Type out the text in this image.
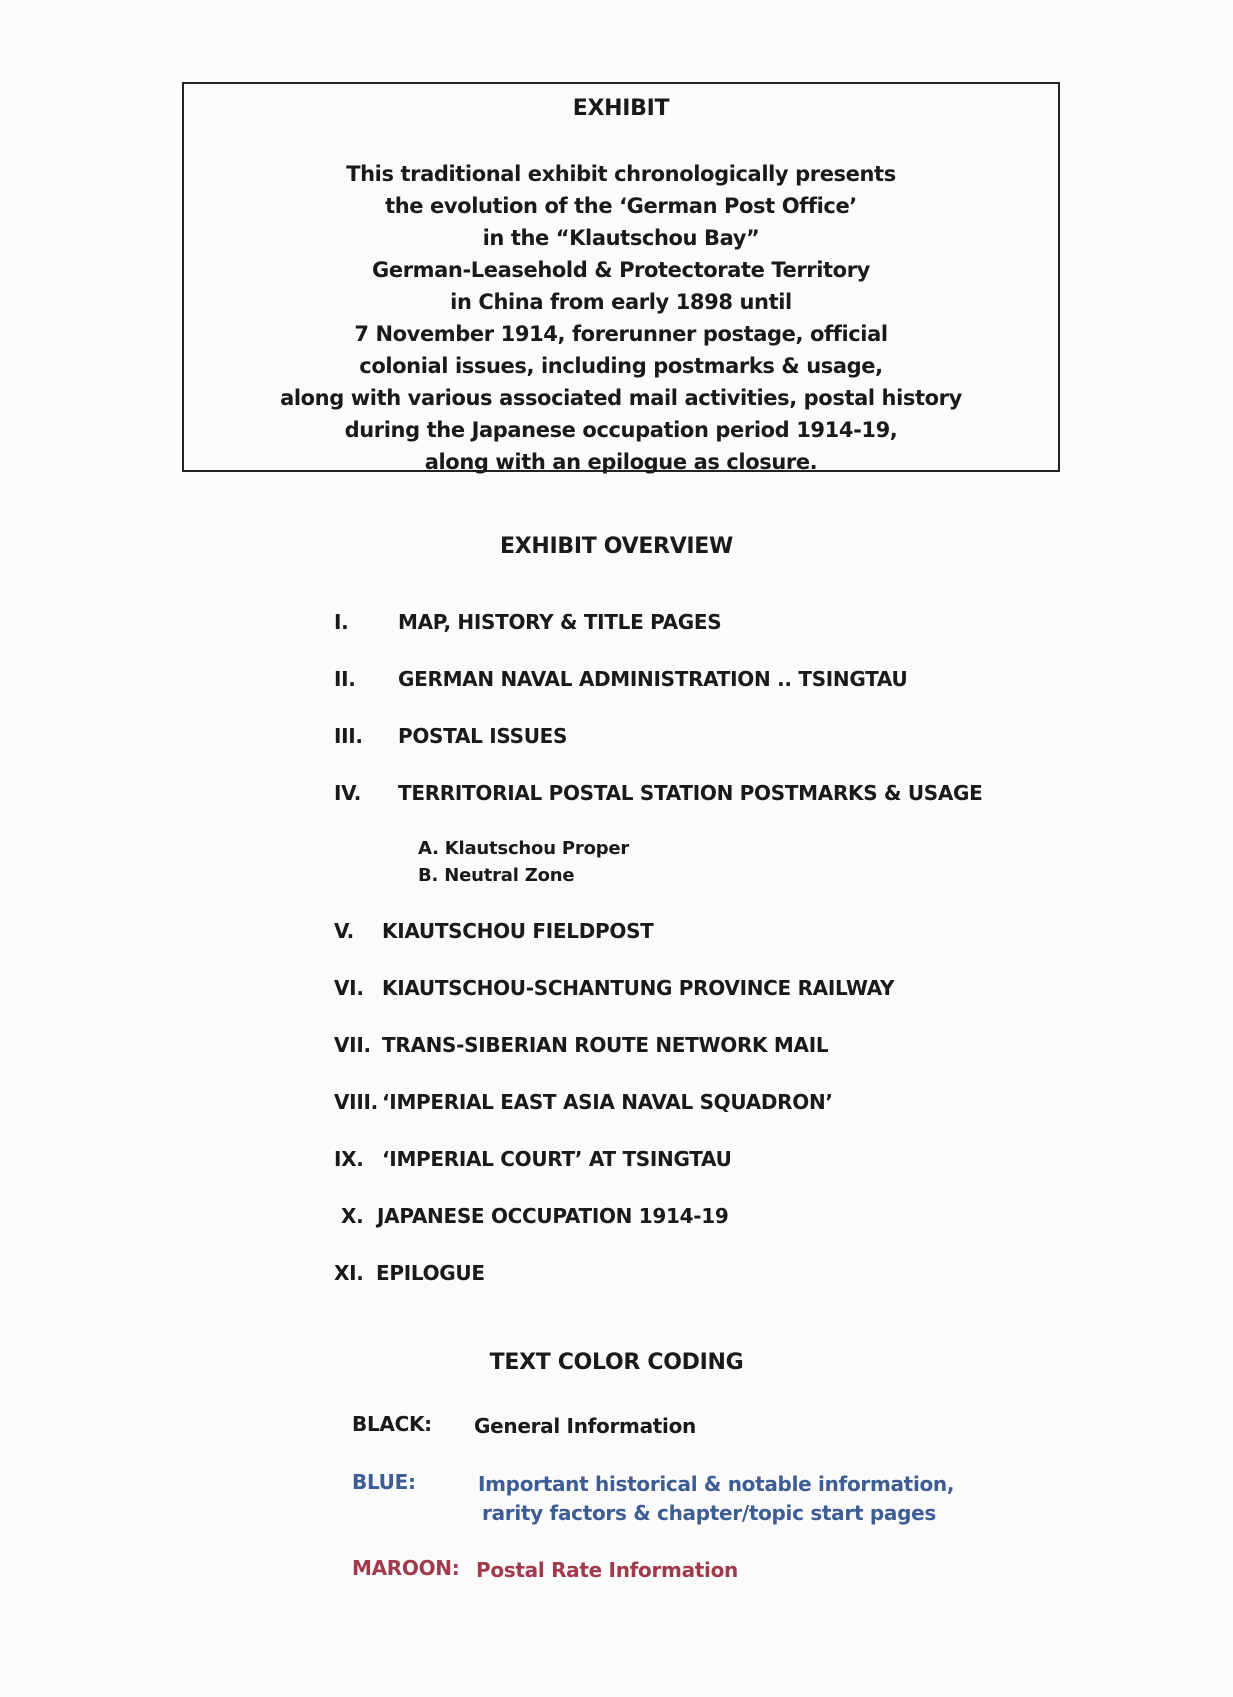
EXHIBIT
This traditional exhibit chronologically presents
the evolution of the ‘German Post Office’
in the “Klautschou Bay”
German-Leasehold & Protectorate Territory
in China from early 1898 until
7 November 1914, forerunner postage, official
colonial issues, including postmarks & usage,
along with various associated mail activities, postal history
during the Japanese occupation period 1914-19,
along with an epilogue as closure.
EXHIBIT OVERVIEW
I. MAP, HISTORY & TITLE PAGES
II. GERMAN NAVAL ADMINISTRATION .. TSINGTAU
III. POSTAL ISSUES
IV. TERRITORIAL POSTAL STATION POSTMARKS & USAGE
A. Klautschou Proper
B. Neutral Zone
V. KIAUTSCHOU FIELDPOST
VI. KIAUTSCHOU-SCHANTUNG PROVINCE RAILWAY
VII. TRANS-SIBERIAN ROUTE NETWORK MAIL
VIII. ‘IMPERIAL EAST ASIA NAVAL SQUADRON’
IX. ‘IMPERIAL COURT’ AT TSINGTAU
X. JAPANESE OCCUPATION 1914-19
XI. EPILOGUE
TEXT COLOR CODING
BLACK: General Information
BLUE:	Important historical & notable information,
rarity factors & chapter/topic start pages
MAROON: Postal Rate Information
